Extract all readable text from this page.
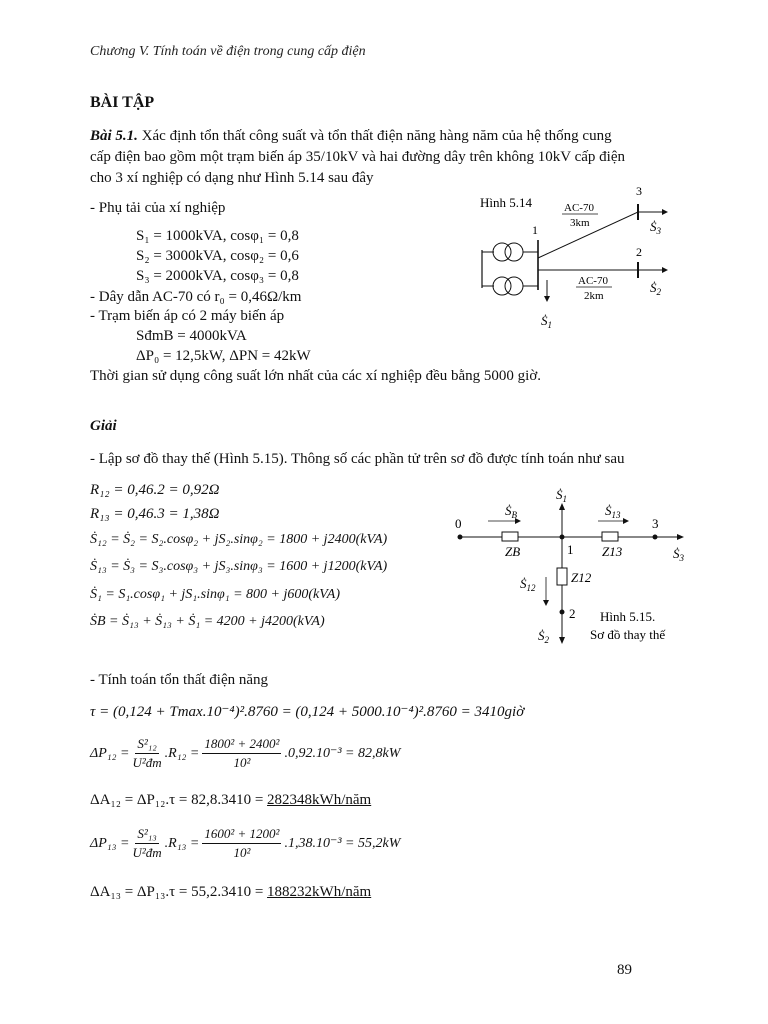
Chương V. Tính toán về điện trong cung cấp điện
BÀI TẬP
Bài 5.1. Xác định tổn thất công suất và tổn thất điện năng hàng năm của hệ thống cung
cấp điện bao gồm một trạm biến áp 35/10kV và hai đường dây trên không 10kV cấp điện
cho 3 xí nghiệp có dạng như Hình 5.14 sau đây
- Phụ tải của xí nghiệp
S₁ = 1000kVA, cosφ₁ = 0,8
S₂ = 3000kVA, cosφ₂ = 0,6
S₃ = 2000kVA, cosφ₃ = 0,8
- Dây dẫn AC-70 có r₀ = 0,46Ω/km
- Trạm biến áp có 2 máy biến áp
SđmB = 4000kVA
ΔP₀ = 12,5kW, ΔPN = 42kW
Thời gian sử dụng công suất lớn nhất của các xí nghiệp đều bằng 5000 giờ.
Hình 5.14
1
Ṡ$_1$
3
Ṡ$_3$
AC-70
3km
2
Ṡ$_2$
AC-70
2km
Giải
- Lập sơ đồ thay thế (Hình 5.15). Thông số các phần tử trên sơ đồ được tính toán như sau
R₁₂ = 0,46.2 = 0,92Ω
R₁₃ = 0,46.3 = 1,38Ω
Ṡ₁₂ = Ṡ₂ = S₂.cosφ₂ + jS₂.sinφ₂ = 1800 + j2400(kVA)
Ṡ₁₃ = Ṡ₃ = S₃.cosφ₃ + jS₃.sinφ₃ = 1600 + j1200(kVA)
Ṡ₁ = S₁.cosφ₁ + jS₁.sinφ₁ = 800 + j600(kVA)
ṠB = Ṡ₁₃ + Ṡ₁₃ + Ṡ₁ = 4200 + j4200(kVA)
0
ZB
Ṡ$_B$
1
Ṡ$_1$
Z13
Ṡ$_{13}$
3
Ṡ$_3$
Z12
Ṡ$_{12}$
2
Ṡ$_2$
Hình 5.15.
Sơ đồ thay thế
- Tính toán tổn thất điện năng
τ = (0,124 + Tmax.10⁻⁴)².8760 = (0,124 + 5000.10⁻⁴)².8760 = 3410giờ
$\Delta P_{12} = \frac{\text{S²₁₂}}{\text{U²đm}} .R_{12} = \frac{\text{1800² + 2400²}}{\text{10²}} .0,92.10^{-3} = 82,8kW$
ΔA₁₂ = ΔP₁₂.τ = 82,8.3410 = 282348kWh/năm
$\Delta P_{13} = \frac{\text{S²₁₃}}{\text{U²đm}} .R_{13} = \frac{\text{1600² + 1200²}}{\text{10²}} .1,38.10^{-3} = 55,2kW$
ΔA₁₃ = ΔP₁₃.τ = 55,2.3410 = 188232kWh/năm
89
